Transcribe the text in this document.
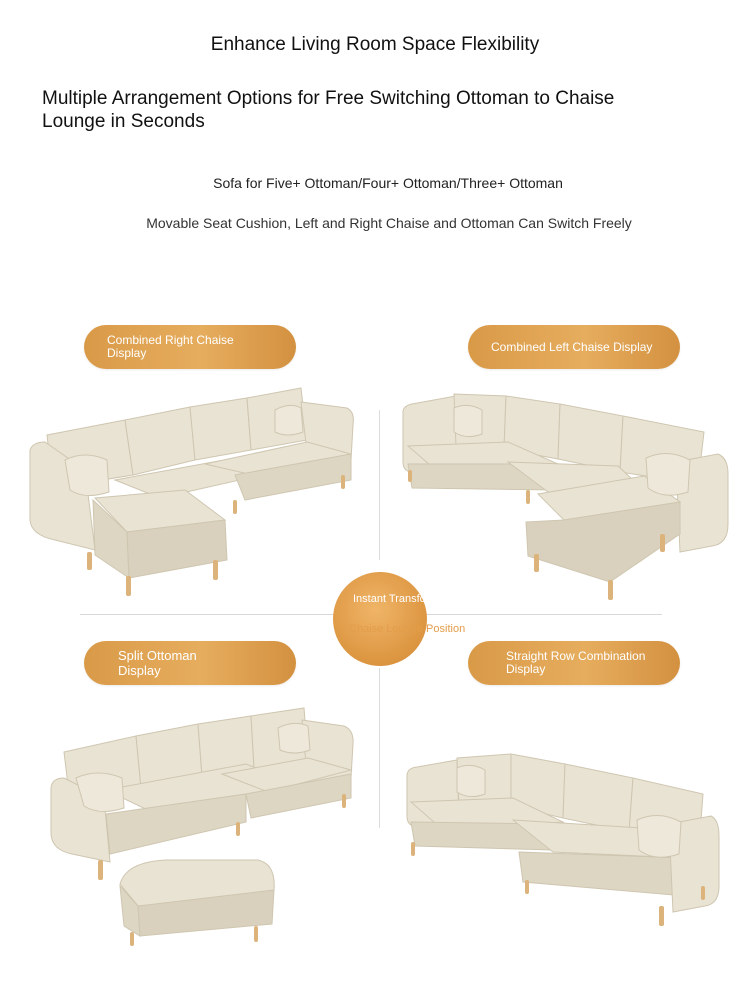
Enhance Living Room Space Flexibility
Multiple Arrangement Options for Free Switching Ottoman to Chaise Lounge in Seconds
Sofa for Five+ Ottoman/Four+ Ottoman/Three+ Ottoman
Movable Seat Cushion, Left and Right Chaise and Ottoman Can Switch Freely
Combined Right Chaise Display	Combined Left Chaise Display
Split Ottoman Display
Straight Row Combination Display
Instant Transformation
Chaise Lounge Position
